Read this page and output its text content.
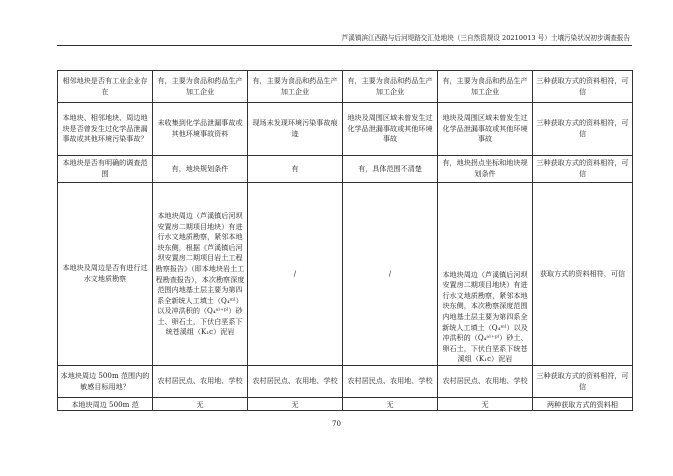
芦溪镇滨江西路与后河堤路交汇处地块（三自然资规设 20210013 号）土壤污染状况初步调查报告
相邻地块是否有工业企业存在	有，主要为食品和药品生产加工企业	有，主要为食品和药品生产加工企业	有，主要为食品和药品生产加工企业	有，主要为食品和药品生产加工企业	三种获取方式的资料相符，可信
本地块、相邻地块、周边地块是否曾发生过化学品泄漏事故或其他环境污染事故？	未收集到化学品泄漏事故或其他环境事故资料	现场未发现环境污染事故痕迹	地块及周围区域未曾发生过化学品泄漏事故或其他环境事故	地块及周围区域未曾发生过化学品泄漏事故或其他环境事故	三种获取方式的资料相符，可信
本地块是否有明确的调查范围	有，地块规划条件	有	有，具体范围不清楚	有，地块拐点坐标和地块规划条件	三种获取方式的资料相符，可信
本地块及周边是否有进行过水文地质勘察	本地块周边（芦溪镇后河坝安置房二期项目地块）有进行水文地质勘察，紧邻本地块东侧，根据《芦溪镇后河坝安置房二期项目岩土工程勘察报告》（即本地块岩土工程勘查报告），本次勘察深度范围内地基土层主要为第四系全新统人工填土（Q₄ᵐˡ）以及冲洪积的（Q₄ᵃˡ⁺ᵖˡ）砂土、卵石土，下伏白垩系下统苍溪组（K₁c）泥岩	/	/	本地块周边（芦溪镇后河坝安置房二期项目地块）有进行水文地质勘察，紧邻本地块东侧，本次勘察深度范围内地基土层主要为第四系全新统人工填土（Q₄ᵐˡ）以及冲洪积的（Q₄ᵃˡ⁺ᵖˡ）砂土、卵石土，下伏白垩系下统苍溪组（K₁c）泥岩	获取方式的资料相符，可信
本地块周边 500m 范围内的敏感目标用地？	农村居民点、农用地、学校	农村居民点、农用地、学校	农村居民点、农用地、学校	农村居民点、农用地、学校	三种获取方式的资料相符，可信
本地块周边 500m 范	无	无	无	无	两种获取方式的资料相
70
